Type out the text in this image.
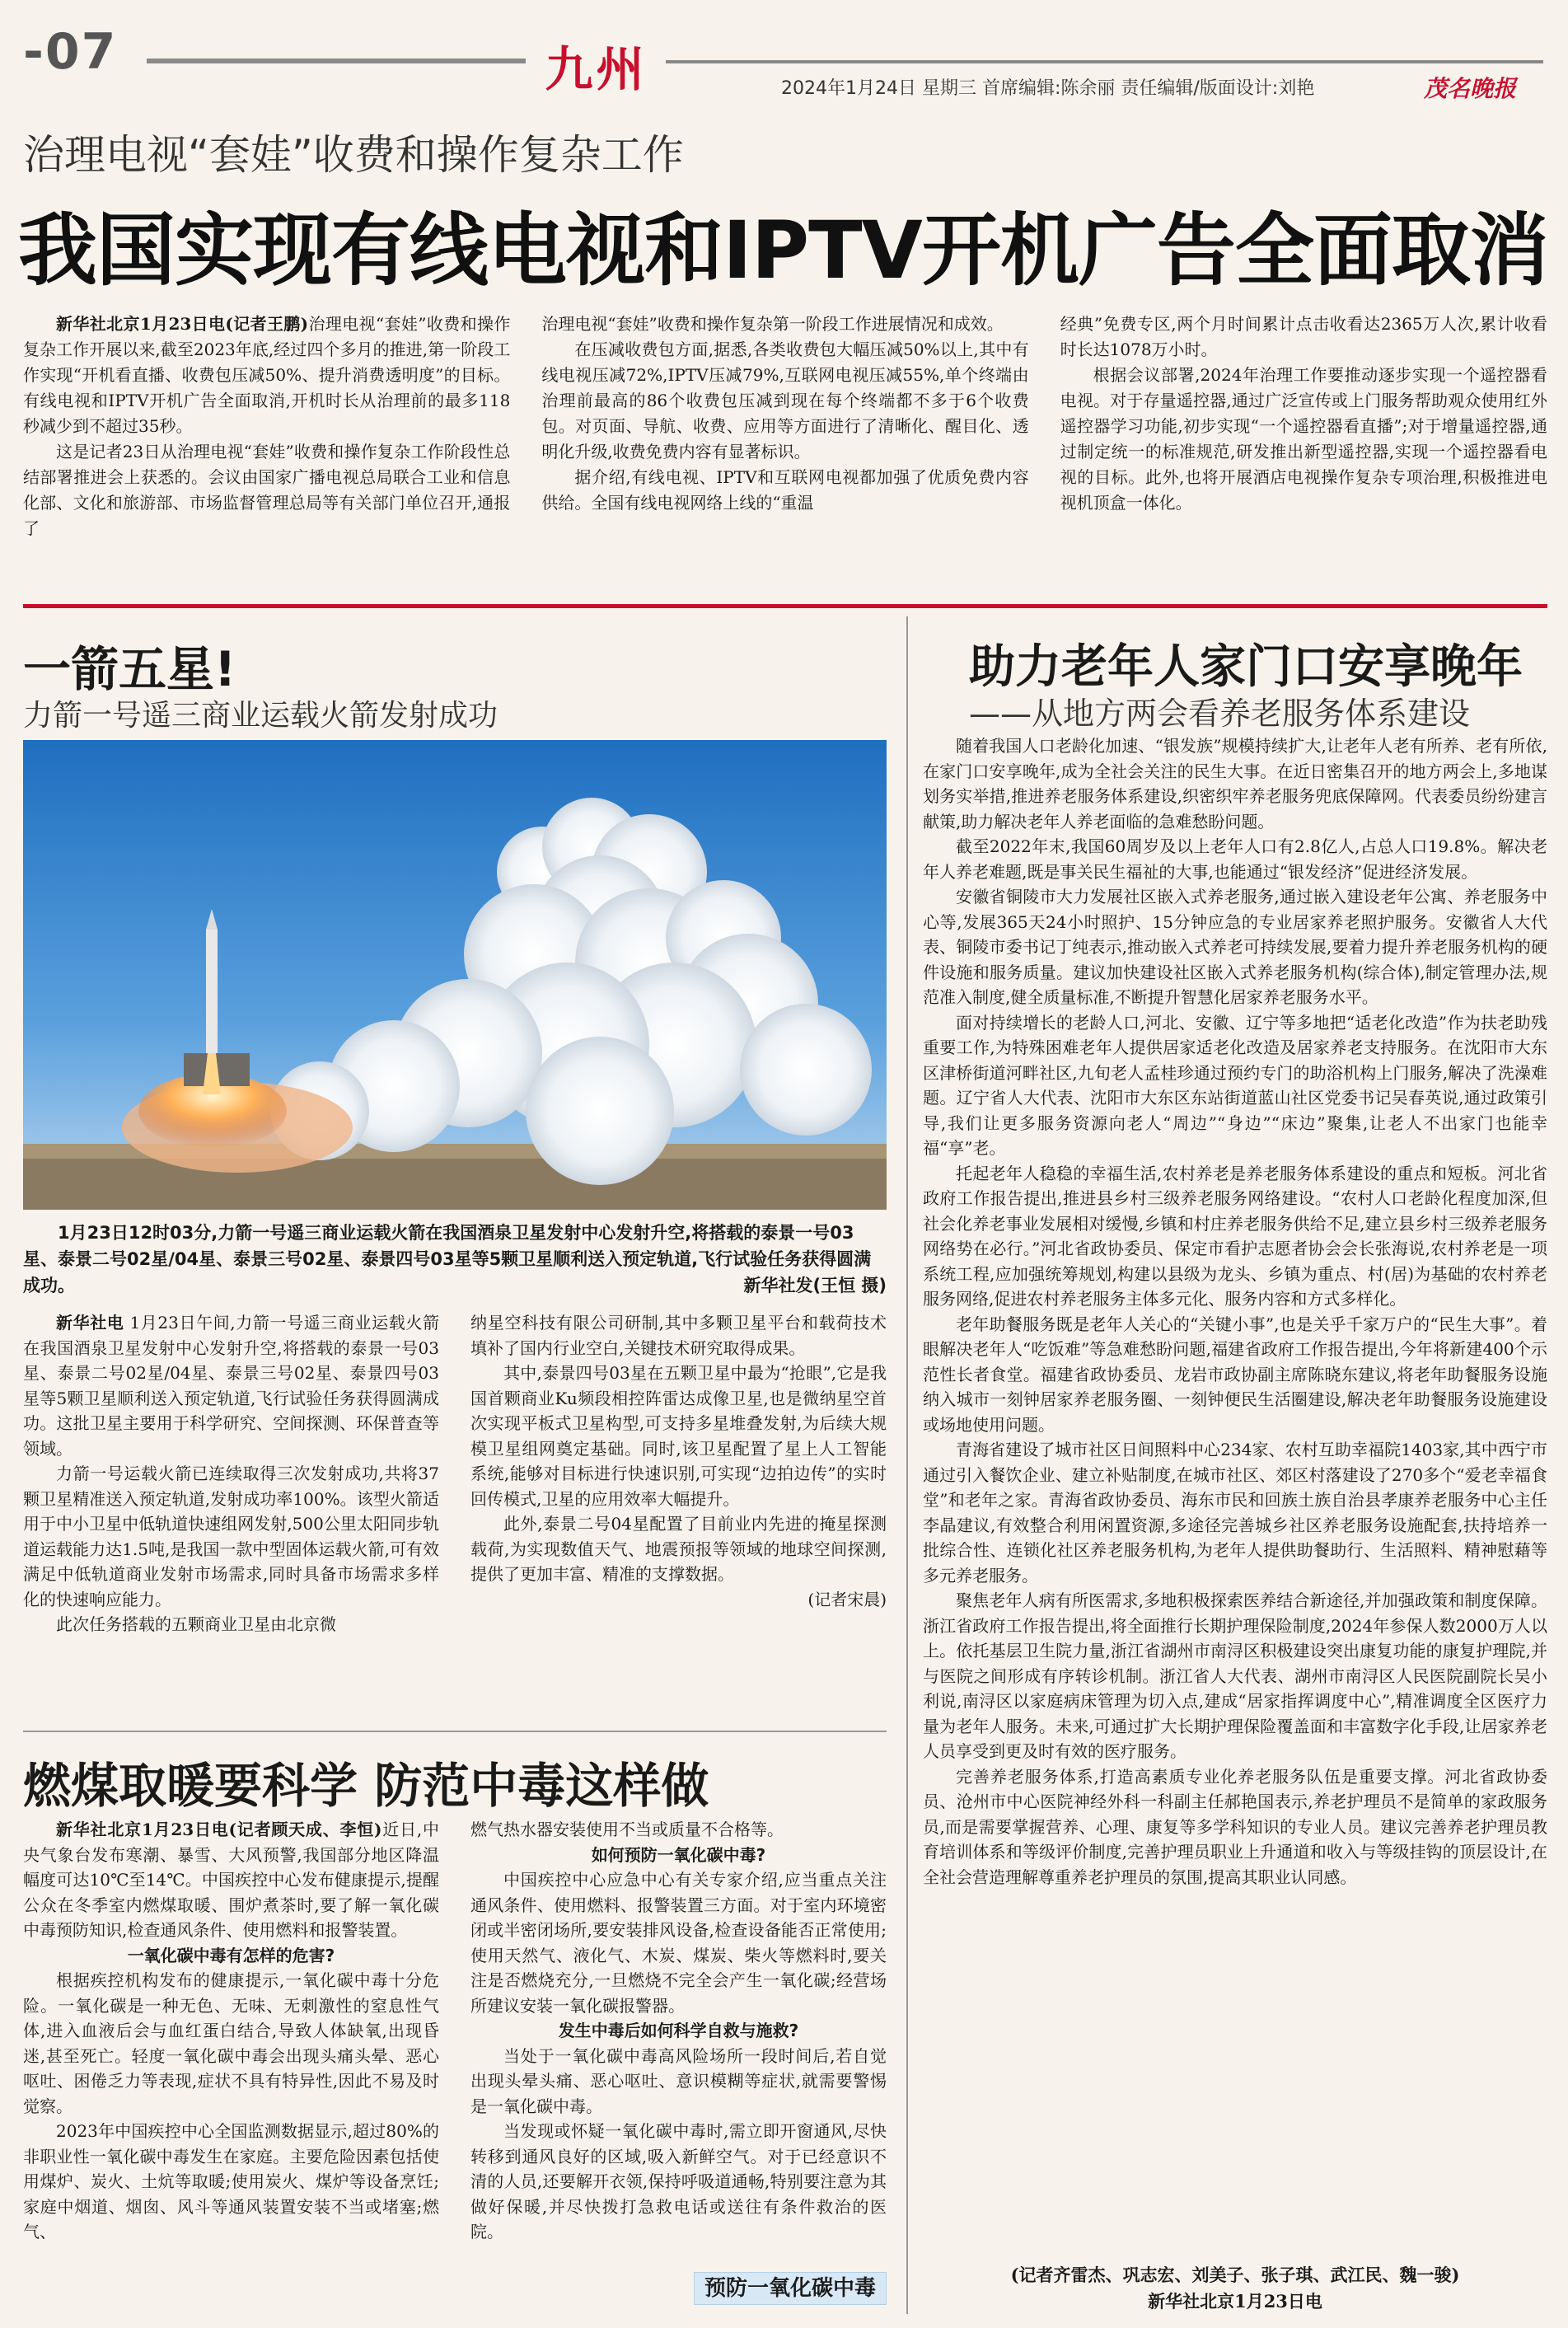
-07	九州	2024年1月24日 星期三 首席编辑:陈余丽 责任编辑/版面设计:刘艳	茂名晚报
治理电视“套娃”收费和操作复杂工作
我国实现有线电视和IPTV开机广告全面取消

新华社北京1月23日电(记者王鹏)治理电视“套娃”收费和操作复杂工作开展以来,截至2023年底,经过四个多月的推进,第一阶段工作实现“开机看直播、收费包压减50%、提升消费透明度”的目标。有线电视和IPTV开机广告全面取消,开机时长从治理前的最多118秒减少到不超过35秒。

这是记者23日从治理电视“套娃”收费和操作复杂工作阶段性总结部署推进会上获悉的。会议由国家广播电视总局联合工业和信息化部、文化和旅游部、市场监督管理总局等有关部门单位召开,通报了

治理电视“套娃”收费和操作复杂第一阶段工作进展情况和成效。

在压减收费包方面,据悉,各类收费包大幅压减50%以上,其中有线电视压减72%,IPTV压减79%,互联网电视压减55%,单个终端由治理前最高的86个收费包压减到现在每个终端都不多于6个收费包。对页面、导航、收费、应用等方面进行了清晰化、醒目化、透明化升级,收费免费内容有显著标识。

据介绍,有线电视、IPTV和互联网电视都加强了优质免费内容供给。全国有线电视网络上线的“重温

经典”免费专区,两个月时间累计点击收看达2365万人次,累计收看时长达1078万小时。

根据会议部署,2024年治理工作要推动逐步实现一个遥控器看电视。对于存量遥控器,通过广泛宣传或上门服务帮助观众使用红外遥控器学习功能,初步实现“一个遥控器看直播”;对于增量遥控器,通过制定统一的标准规范,研发推出新型遥控器,实现一个遥控器看电视的目标。此外,也将开展酒店电视操作复杂专项治理,积极推进电视机顶盒一体化。

一箭五星!
力箭一号遥三商业运载火箭发射成功
1月23日12时03分,力箭一号遥三商业运载火箭在我国酒泉卫星发射中心发射升空,将搭载的泰景一号03星、泰景二号02星/04星、泰景三号02星、泰景四号03星等5颗卫星顺利送入预定轨道,飞行试验任务获得圆满成功。	新华社发(王恒 摄)

新华社电 1月23日午间,力箭一号遥三商业运载火箭在我国酒泉卫星发射中心发射升空,将搭载的泰景一号03星、泰景二号02星/04星、泰景三号02星、泰景四号03星等5颗卫星顺利送入预定轨道,飞行试验任务获得圆满成功。这批卫星主要用于科学研究、空间探测、环保普查等领域。

力箭一号运载火箭已连续取得三次发射成功,共将37颗卫星精准送入预定轨道,发射成功率100%。该型火箭适用于中小卫星中低轨道快速组网发射,500公里太阳同步轨道运载能力达1.5吨,是我国一款中型固体运载火箭,可有效满足中低轨道商业发射市场需求,同时具备市场需求多样化的快速响应能力。

此次任务搭载的五颗商业卫星由北京微

纳星空科技有限公司研制,其中多颗卫星平台和载荷技术填补了国内行业空白,关键技术研究取得成果。

其中,泰景四号03星在五颗卫星中最为“抢眼”,它是我国首颗商业Ku频段相控阵雷达成像卫星,也是微纳星空首次实现平板式卫星构型,可支持多星堆叠发射,为后续大规模卫星组网奠定基础。同时,该卫星配置了星上人工智能系统,能够对目标进行快速识别,可实现“边拍边传”的实时回传模式,卫星的应用效率大幅提升。

此外,泰景二号04星配置了目前业内先进的掩星探测载荷,为实现数值天气、地震预报等领域的地球空间探测,提供了更加丰富、精准的支撑数据。

(记者宋晨)

燃煤取暖要科学 防范中毒这样做

新华社北京1月23日电(记者顾天成、李恒)近日,中央气象台发布寒潮、暴雪、大风预警,我国部分地区降温幅度可达10℃至14℃。中国疾控中心发布健康提示,提醒公众在冬季室内燃煤取暖、围炉煮茶时,要了解一氧化碳中毒预防知识,检查通风条件、使用燃料和报警装置。

一氧化碳中毒有怎样的危害?

根据疾控机构发布的健康提示,一氧化碳中毒十分危险。一氧化碳是一种无色、无味、无刺激性的窒息性气体,进入血液后会与血红蛋白结合,导致人体缺氧,出现昏迷,甚至死亡。轻度一氧化碳中毒会出现头痛头晕、恶心呕吐、困倦乏力等表现,症状不具有特异性,因此不易及时觉察。

2023年中国疾控中心全国监测数据显示,超过80%的非职业性一氧化碳中毒发生在家庭。主要危险因素包括使用煤炉、炭火、土炕等取暖;使用炭火、煤炉等设备烹饪;家庭中烟道、烟囱、风斗等通风装置安装不当或堵塞;燃气、

燃气热水器安装使用不当或质量不合格等。

如何预防一氧化碳中毒?

中国疾控中心应急中心有关专家介绍,应当重点关注通风条件、使用燃料、报警装置三方面。对于室内环境密闭或半密闭场所,要安装排风设备,检查设备能否正常使用;使用天然气、液化气、木炭、煤炭、柴火等燃料时,要关注是否燃烧充分,一旦燃烧不完全会产生一氧化碳;经营场所建议安装一氧化碳报警器。

发生中毒后如何科学自救与施救?

当处于一氧化碳中毒高风险场所一段时间后,若自觉出现头晕头痛、恶心呕吐、意识模糊等症状,就需要警惕是一氧化碳中毒。

当发现或怀疑一氧化碳中毒时,需立即开窗通风,尽快转移到通风良好的区域,吸入新鲜空气。对于已经意识不清的人员,还要解开衣领,保持呼吸道通畅,特别要注意为其做好保暖,并尽快拨打急救电话或送往有条件救治的医院。

预防一氧化碳中毒
助力老年人家门口安享晚年
——从地方两会看养老服务体系建设

随着我国人口老龄化加速、“银发族”规模持续扩大,让老年人老有所养、老有所依,在家门口安享晚年,成为全社会关注的民生大事。在近日密集召开的地方两会上,多地谋划务实举措,推进养老服务体系建设,织密织牢养老服务兜底保障网。代表委员纷纷建言献策,助力解决老年人养老面临的急难愁盼问题。

截至2022年末,我国60周岁及以上老年人口有2.8亿人,占总人口19.8%。解决老年人养老难题,既是事关民生福祉的大事,也能通过“银发经济”促进经济发展。

安徽省铜陵市大力发展社区嵌入式养老服务,通过嵌入建设老年公寓、养老服务中心等,发展365天24小时照护、15分钟应急的专业居家养老照护服务。安徽省人大代表、铜陵市委书记丁纯表示,推动嵌入式养老可持续发展,要着力提升养老服务机构的硬件设施和服务质量。建议加快建设社区嵌入式养老服务机构(综合体),制定管理办法,规范准入制度,健全质量标准,不断提升智慧化居家养老服务水平。

面对持续增长的老龄人口,河北、安徽、辽宁等多地把“适老化改造”作为扶老助残重要工作,为特殊困难老年人提供居家适老化改造及居家养老支持服务。在沈阳市大东区津桥街道河畔社区,九旬老人孟桂珍通过预约专门的助浴机构上门服务,解决了洗澡难题。辽宁省人大代表、沈阳市大东区东站街道蓝山社区党委书记吴春英说,通过政策引导,我们让更多服务资源向老人“周边”“身边”“床边”聚集,让老人不出家门也能幸福“享”老。

托起老年人稳稳的幸福生活,农村养老是养老服务体系建设的重点和短板。河北省政府工作报告提出,推进县乡村三级养老服务网络建设。“农村人口老龄化程度加深,但社会化养老事业发展相对缓慢,乡镇和村庄养老服务供给不足,建立县乡村三级养老服务网络势在必行。”河北省政协委员、保定市看护志愿者协会会长张海说,农村养老是一项系统工程,应加强统筹规划,构建以县级为龙头、乡镇为重点、村(居)为基础的农村养老服务网络,促进农村养老服务主体多元化、服务内容和方式多样化。

老年助餐服务既是老年人关心的“关键小事”,也是关乎千家万户的“民生大事”。着眼解决老年人“吃饭难”等急难愁盼问题,福建省政府工作报告提出,今年将新建400个示范性长者食堂。福建省政协委员、龙岩市政协副主席陈晓东建议,将老年助餐服务设施纳入城市一刻钟居家养老服务圈、一刻钟便民生活圈建设,解决老年助餐服务设施建设或场地使用问题。

青海省建设了城市社区日间照料中心234家、农村互助幸福院1403家,其中西宁市通过引入餐饮企业、建立补贴制度,在城市社区、郊区村落建设了270多个“爱老幸福食堂”和老年之家。青海省政协委员、海东市民和回族土族自治县孝康养老服务中心主任李晶建议,有效整合利用闲置资源,多途径完善城乡社区养老服务设施配套,扶持培养一批综合性、连锁化社区养老服务机构,为老年人提供助餐助行、生活照料、精神慰藉等多元养老服务。

聚焦老年人病有所医需求,多地积极探索医养结合新途径,并加强政策和制度保障。浙江省政府工作报告提出,将全面推行长期护理保险制度,2024年参保人数2000万人以上。依托基层卫生院力量,浙江省湖州市南浔区积极建设突出康复功能的康复护理院,并与医院之间形成有序转诊机制。浙江省人大代表、湖州市南浔区人民医院副院长吴小利说,南浔区以家庭病床管理为切入点,建成“居家指挥调度中心”,精准调度全区医疗力量为老年人服务。未来,可通过扩大长期护理保险覆盖面和丰富数字化手段,让居家养老人员享受到更及时有效的医疗服务。

完善养老服务体系,打造高素质专业化养老服务队伍是重要支撑。河北省政协委员、沧州市中心医院神经外科一科副主任郝艳国表示,养老护理员不是简单的家政服务员,而是需要掌握营养、心理、康复等多学科知识的专业人员。建议完善养老护理员教育培训体系和等级评价制度,完善护理员职业上升通道和收入与等级挂钩的顶层设计,在全社会营造理解尊重养老护理员的氛围,提高其职业认同感。

(记者齐雷杰、巩志宏、刘美子、张子琪、武江民、魏一骏)
新华社北京1月23日电
